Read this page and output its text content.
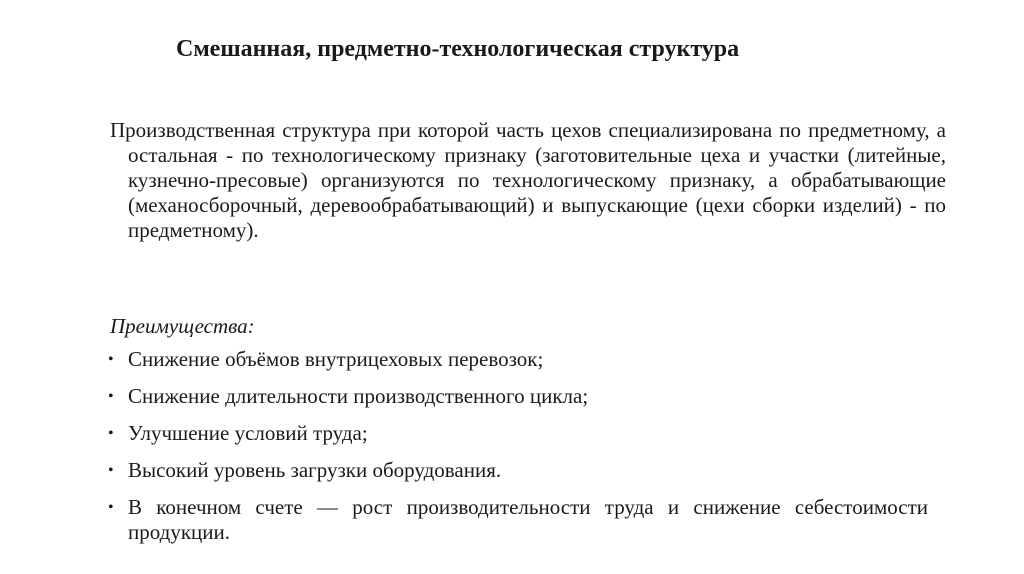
Смешанная, предметно-технологическая структура

Производственная структура при которой часть цехов специализирована по предметному, а остальная - по технологическому признаку (заготовительные цеха и участки (литейные, кузнечно-пресовые) организуются по технологическому признаку, а обрабатывающие (механосборочный, деревообрабатывающий) и выпускающие (цехи сборки изделий) - по предметному).

Преимущества:

• Снижение объёмов внутрицеховых перевозок;
• Снижение длительности производственного цикла;
• Улучшение условий труда;
• Высокий уровень загрузки оборудования.
• В конечном счете — рост производительности труда и снижение себестоимости продукции.
